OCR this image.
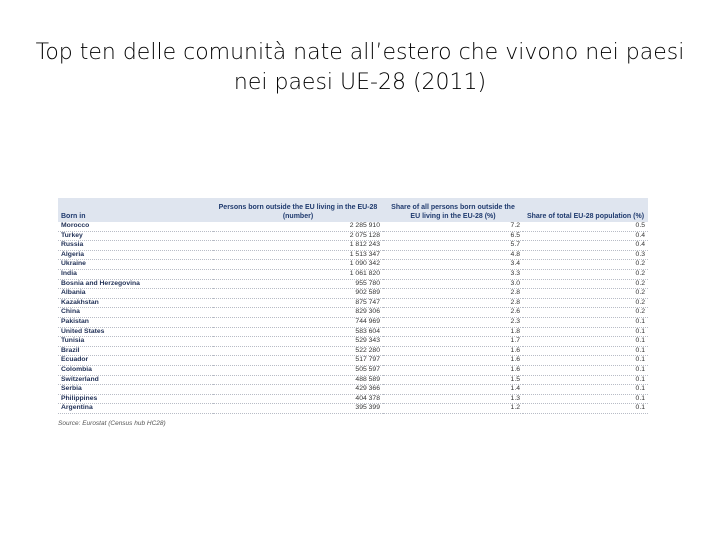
Top ten delle comunità nate all’estero che vivono nei paesi
nei paesi UE-28 (2011)
Born in	Persons born outside the EU living in the EU-28 (number)	Share of all persons born outside the EU living in the EU-28 (%)	Share of total EU-28 population (%)
Morocco	2 285 910	7.2	0.5
Turkey	2 075 128	6.5	0.4
Russia	1 812 243	5.7	0.4
Algeria	1 513 347	4.8	0.3
Ukraine	1 090 342	3.4	0.2
India	1 061 820	3.3	0.2
Bosnia and Herzegovina	955 780	3.0	0.2
Albania	902 589	2.8	0.2
Kazakhstan	875 747	2.8	0.2
China	829 306	2.6	0.2
Pakistan	744 969	2.3	0.1
United States	583 604	1.8	0.1
Tunisia	529 343	1.7	0.1
Brazil	522 280	1.6	0.1
Ecuador	517 797	1.6	0.1
Colombia	505 597	1.6	0.1
Switzerland	488 589	1.5	0.1
Serbia	429 366	1.4	0.1
Philippines	404 378	1.3	0.1
Argentina	395 399	1.2	0.1
Source: Eurostat (Census hub HC28)
